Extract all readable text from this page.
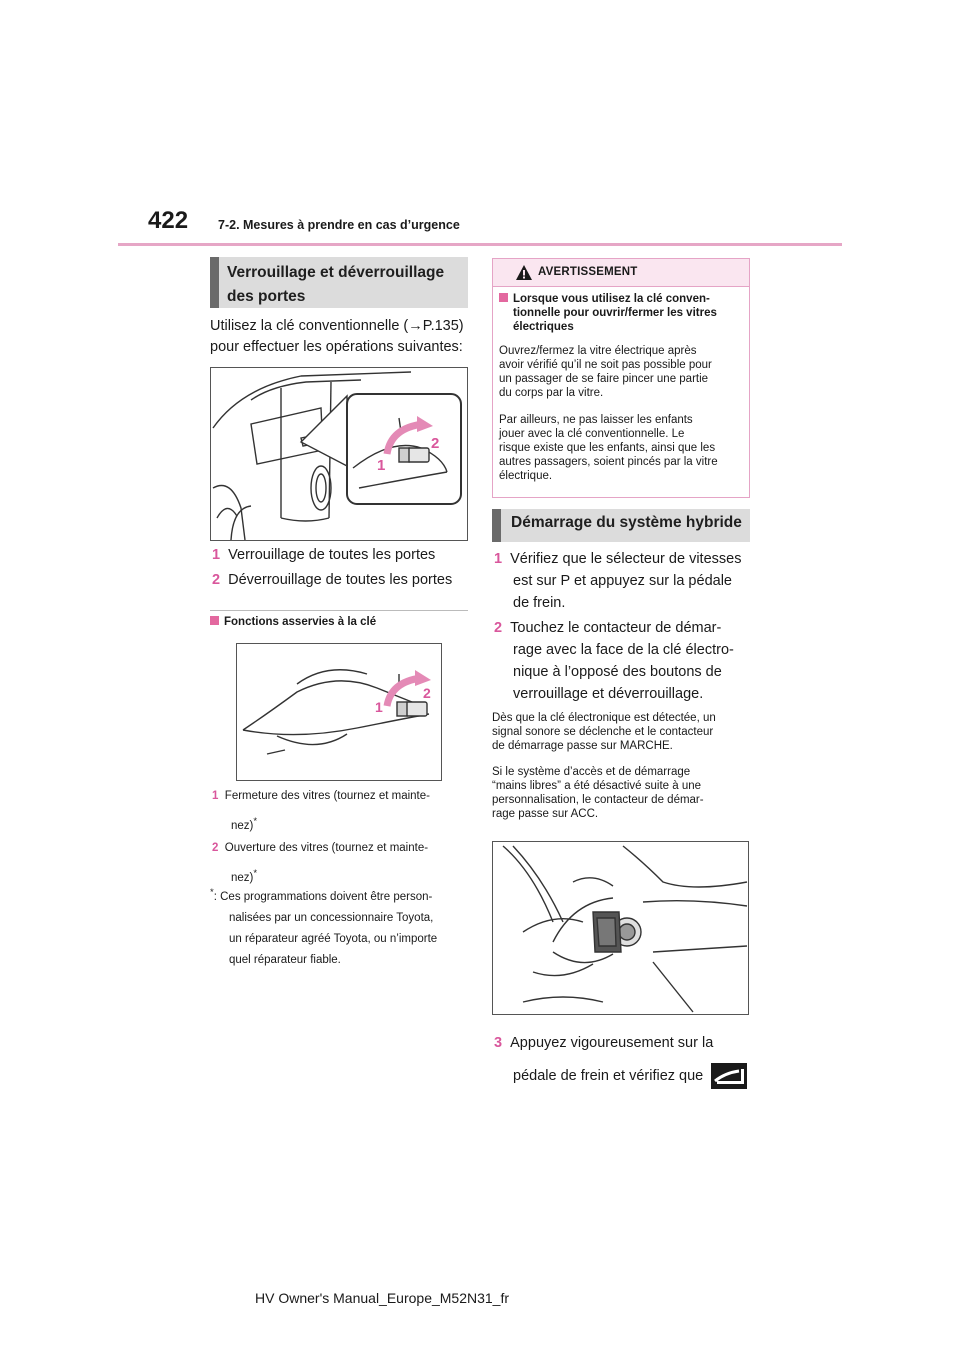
422 7-2. Mesures à prendre en cas d’urgence
Verrouillage et déverrouillage des portes
Utilisez la clé conventionnelle (→P.135)
pour effectuer les opérations suivantes:
1
2
1 Verrouillage de toutes les portes
2 Déverrouillage de toutes les portes
Fonctions asservies à la clé
1
2
1 Fermeture des vitres (tournez et mainte-
nez)*
2 Ouverture des vitres (tournez et mainte-
nez)*
*: Ces programmations doivent être person-
nalisées par un concessionnaire Toyota,
un réparateur agréé Toyota, ou n’importe
quel réparateur fiable.
AVERTISSEMENT
Lorsque vous utilisez la clé conven-
tionnelle pour ouvrir/fermer les vitres
électriques
Ouvrez/fermez la vitre électrique après
avoir vérifié qu’il ne soit pas possible pour
un passager de se faire pincer une partie
du corps par la vitre.
Par ailleurs, ne pas laisser les enfants
jouer avec la clé conventionnelle. Le
risque existe que les enfants, ainsi que les
autres passagers, soient pincés par la vitre
électrique.
Démarrage du système hybride
1 Vérifiez que le sélecteur de vitesses
est sur P et appuyez sur la pédale
de frein.
2 Touchez le contacteur de démar-
rage avec la face de la clé électro-
nique à l’opposé des boutons de
verrouillage et déverrouillage.
Dès que la clé électronique est détectée, un
signal sonore se déclenche et le contacteur
de démarrage passe sur MARCHE.
Si le système d’accès et de démarrage
“mains libres” a été désactivé suite à une
personnalisation, le contacteur de démar-
rage passe sur ACC.
3 Appuyez vigoureusement sur la
pédale de frein et vérifiez que
HV Owner's Manual_Europe_M52N31_fr
